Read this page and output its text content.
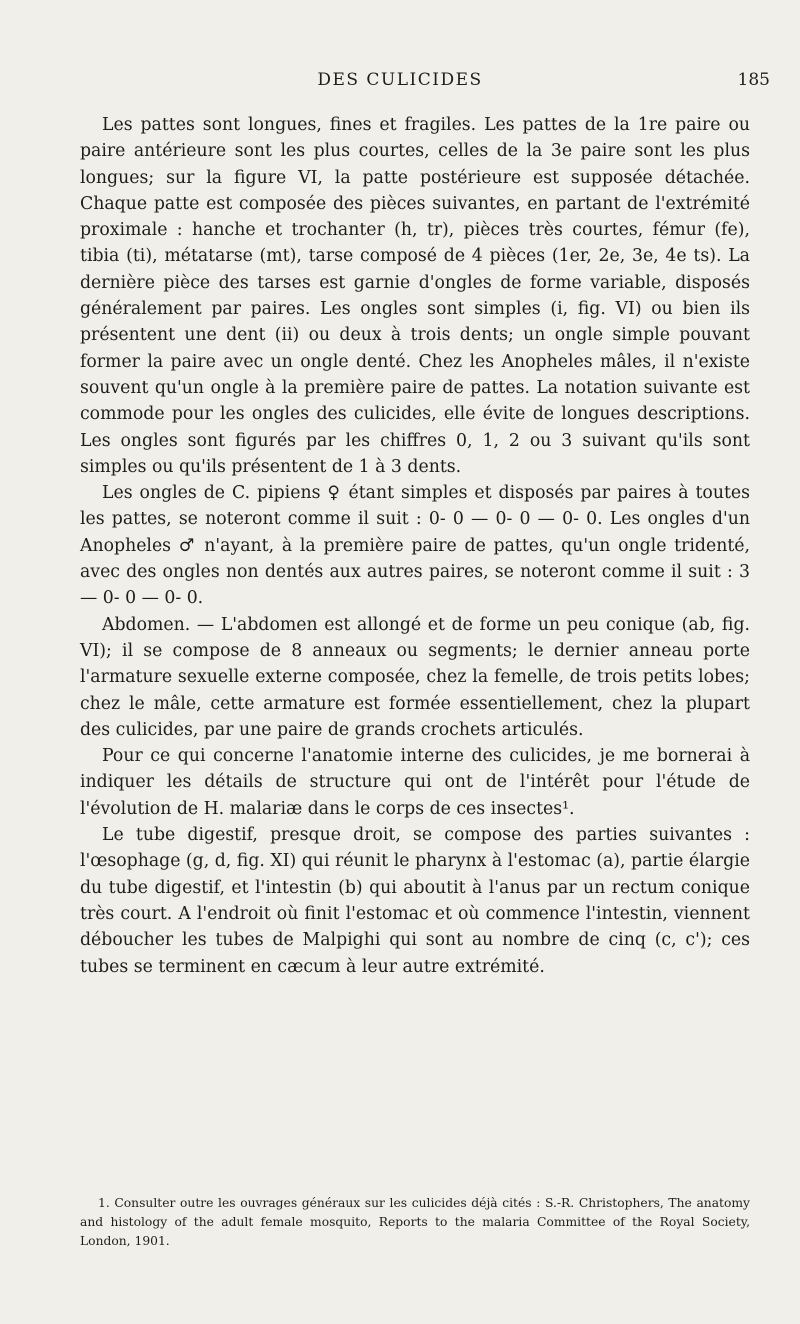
DES CULICIDES	185

Les pattes sont longues, fines et fragiles. Les pattes de la 1re paire ou paire antérieure sont les plus courtes, celles de la 3e paire sont les plus longues; sur la figure VI, la patte postérieure est supposée détachée. Chaque patte est composée des pièces suivantes, en partant de l'extrémité proximale : hanche et trochanter (h, tr), pièces très courtes, fémur (fe), tibia (ti), métatarse (mt), tarse composé de 4 pièces (1er, 2e, 3e, 4e ts). La dernière pièce des tarses est garnie d'ongles de forme variable, disposés généralement par paires. Les ongles sont simples (i, fig. VI) ou bien ils présentent une dent (ii) ou deux à trois dents; un ongle simple pouvant former la paire avec un ongle denté. Chez les Anopheles mâles, il n'existe souvent qu'un ongle à la première paire de pattes. La notation suivante est commode pour les ongles des culicides, elle évite de longues descriptions. Les ongles sont figurés par les chiffres 0, 1, 2 ou 3 suivant qu'ils sont simples ou qu'ils présentent de 1 à 3 dents.

Les ongles de C. pipiens ♀ étant simples et disposés par paires à toutes les pattes, se noteront comme il suit : 0- 0 — 0- 0 — 0- 0. Les ongles d'un Anopheles ♂ n'ayant, à la première paire de pattes, qu'un ongle tridenté, avec des ongles non dentés aux autres paires, se noteront comme il suit : 3 — 0- 0 — 0- 0.

Abdomen. — L'abdomen est allongé et de forme un peu conique (ab, fig. VI); il se compose de 8 anneaux ou segments; le dernier anneau porte l'armature sexuelle externe composée, chez la femelle, de trois petits lobes; chez le mâle, cette armature est formée essentiellement, chez la plupart des culicides, par une paire de grands crochets articulés.

Pour ce qui concerne l'anatomie interne des culicides, je me bornerai à indiquer les détails de structure qui ont de l'intérêt pour l'étude de l'évolution de H. malariæ dans le corps de ces insectes¹.

Le tube digestif, presque droit, se compose des parties suivantes : l'œsophage (g, d, fig. XI) qui réunit le pharynx à l'estomac (a), partie élargie du tube digestif, et l'intestin (b) qui aboutit à l'anus par un rectum conique très court. A l'endroit où finit l'estomac et où commence l'intestin, viennent déboucher les tubes de Malpighi qui sont au nombre de cinq (c, c'); ces tubes se terminent en cæcum à leur autre extrémité.

1. Consulter outre les ouvrages généraux sur les culicides déjà cités : S.-R. Christophers, The anatomy and histology of the adult female mosquito, Reports to the malaria Committee of the Royal Society, London, 1901.
